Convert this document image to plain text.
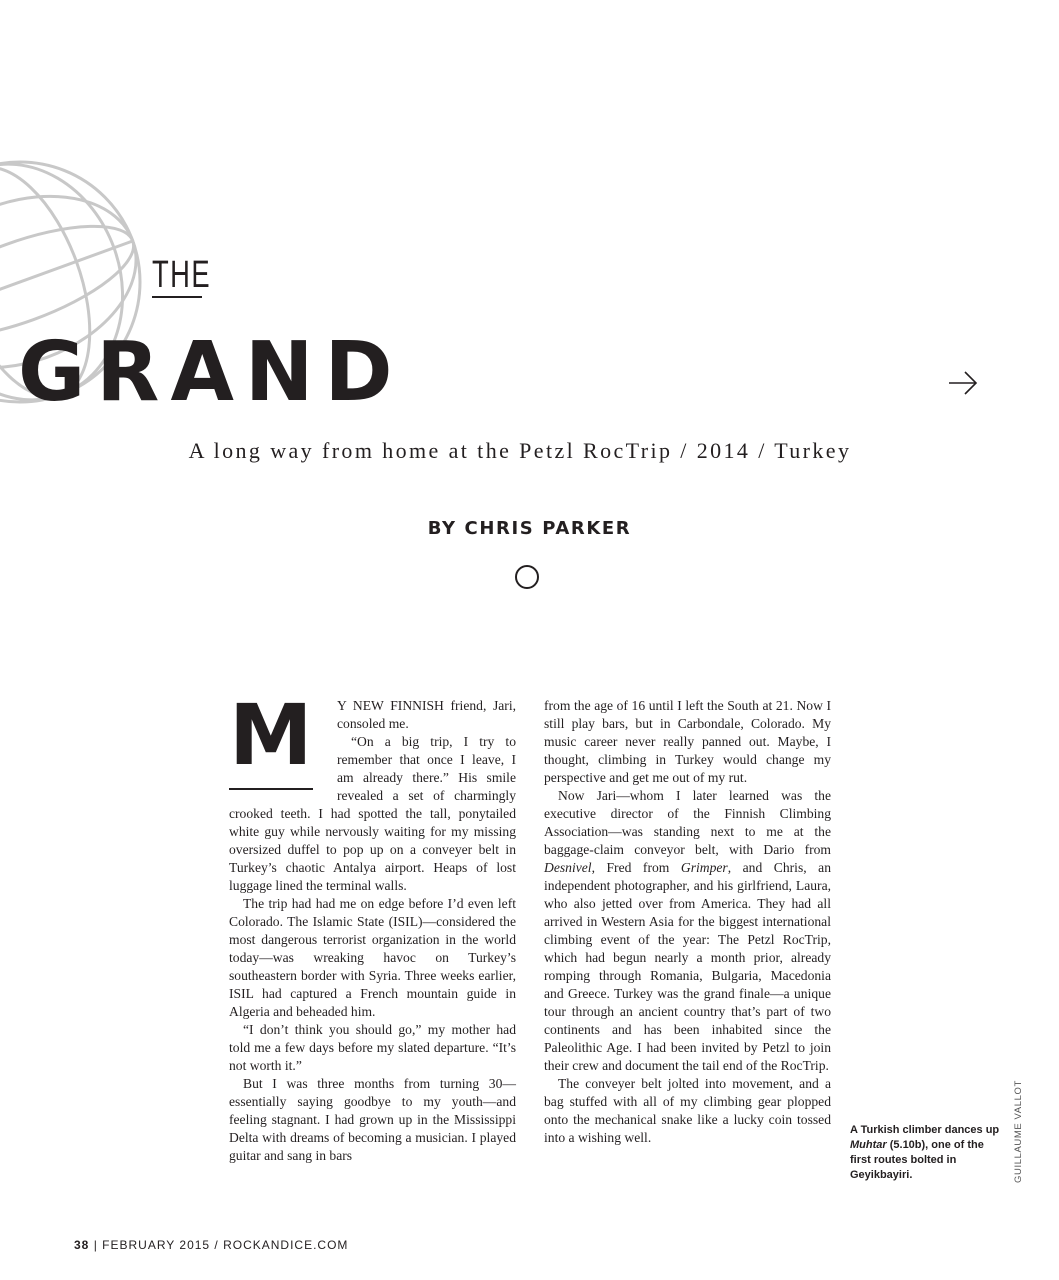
THE
GRAND
A long way from home at the Petzl RocTrip / 2014 / Turkey
BY CHRIS PARKER
M	Y NEW FINNISH friend, Jari, consoled me.

“On a big trip, I try to remember that once I leave, I am already there.” His smile revealed a set of charmingly crooked teeth. I had spotted the tall, ponytailed white guy while nervously waiting for my missing oversized duffel to pop up on a conveyer belt in Turkey’s chaotic Antalya airport. Heaps of lost luggage lined the terminal walls.

The trip had had me on edge before I’d even left Colorado. The Islamic State (ISIL)—considered the most dangerous terrorist organization in the world today—was wreaking havoc on Turkey’s southeastern border with Syria. Three weeks earlier, ISIL had captured a French mountain guide in Algeria and beheaded him.

“I don’t think you should go,” my mother had told me a few days before my slated departure. “It’s not worth it.”

But I was three months from turning 30—essentially saying goodbye to my youth—and feeling stagnant. I had grown up in the Mississippi Delta with dreams of becoming a musician. I played guitar and sang in bars

from the age of 16 until I left the South at 21. Now I still play bars, but in Carbondale, Colorado. My music career never really panned out. Maybe, I thought, climbing in Turkey would change my perspective and get me out of my rut.

Now Jari—whom I later learned was the executive director of the Finnish Climbing Association—was standing next to me at the baggage-claim conveyor belt, with Dario from Desnivel, Fred from Grimper, and Chris, an independent photographer, and his girlfriend, Laura, who also jetted over from America. They had all arrived in Western Asia for the biggest international climbing event of the year: The Petzl RocTrip, which had begun nearly a month prior, already romping through Romania, Bulgaria, Macedonia and Greece. Turkey was the grand finale—a unique tour through an ancient country that’s part of two continents and has been inhabited since the Paleolithic Age. I had been invited by Petzl to join their crew and document the tail end of the RocTrip.

The conveyer belt jolted into movement, and a bag stuffed with all of my climbing gear plopped onto the mechanical snake like a lucky coin tossed into a wishing well.	A Turkish climber dances up Muhtar (5.10b), one of the first routes bolted in Geyikbayiri.	GUILLAUME VALLOT
38 | FEBRUARY 2015 / ROCKANDICE.COM
